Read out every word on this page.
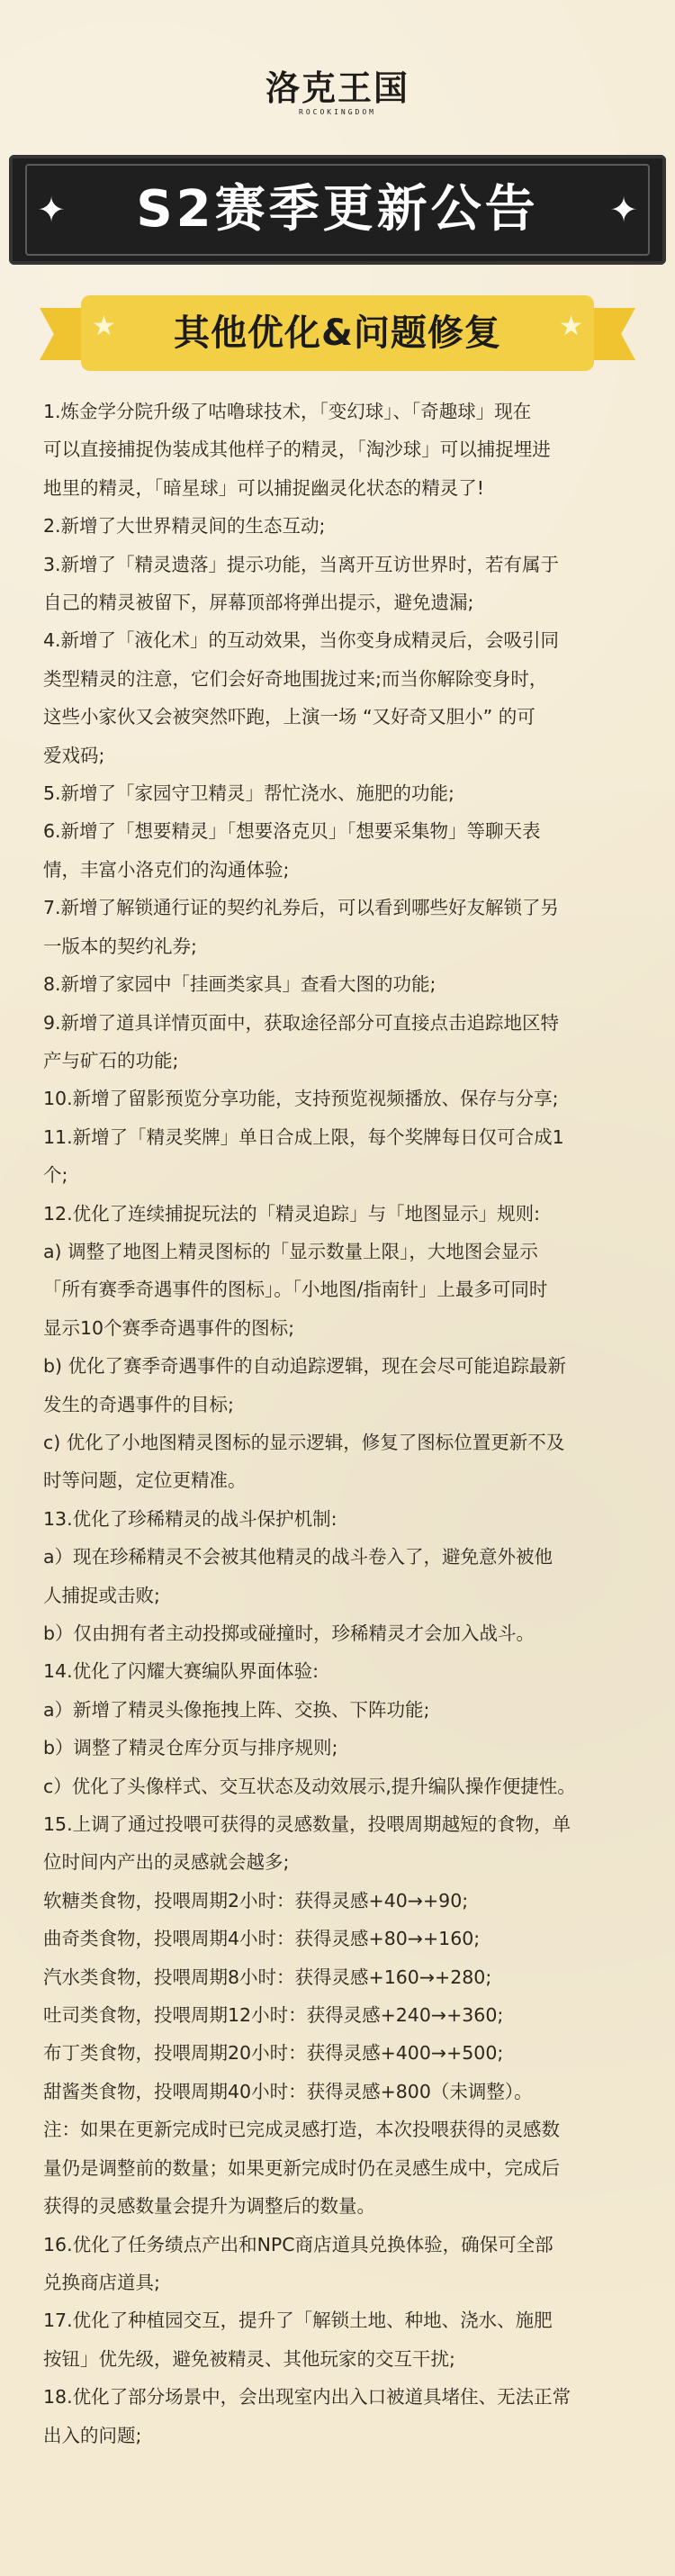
洛克王国
ROCOKINGDOM
✦	S2赛季更新公告	✦
★	其他优化&问题修复	★

1.炼金学分院升级了咕噜球技术，「变幻球」、「奇趣球」现在

可以直接捕捉伪装成其他样子的精灵，「淘沙球」可以捕捉埋进

地里的精灵，「暗星球」可以捕捉幽灵化状态的精灵了!

2.新增了大世界精灵间的生态互动;

3.新增了「精灵遗落」提示功能，当离开互访世界时，若有属于

自己的精灵被留下，屏幕顶部将弹出提示，避免遗漏;

4.新增了「液化术」的互动效果，当你变身成精灵后，会吸引同

类型精灵的注意，它们会好奇地围拢过来;而当你解除变身时，

这些小家伙又会被突然吓跑，上演一场 “又好奇又胆小” 的可

爱戏码;

5.新增了「家园守卫精灵」帮忙浇水、施肥的功能;

6.新增了「想要精灵」「想要洛克贝」「想要采集物」等聊天表

情，丰富小洛克们的沟通体验;

7.新增了解锁通行证的契约礼券后，可以看到哪些好友解锁了另

一版本的契约礼券;

8.新增了家园中「挂画类家具」查看大图的功能;

9.新增了道具详情页面中，获取途径部分可直接点击追踪地区特

产与矿石的功能;

10.新增了留影预览分享功能，支持预览视频播放、保存与分享;

11.新增了「精灵奖牌」单日合成上限，每个奖牌每日仅可合成1

个;

12.优化了连续捕捉玩法的「精灵追踪」与「地图显示」规则:

a) 调整了地图上精灵图标的「显示数量上限」，大地图会显示

「所有赛季奇遇事件的图标」。「小地图/指南针」上最多可同时

显示10个赛季奇遇事件的图标;

b) 优化了赛季奇遇事件的自动追踪逻辑，现在会尽可能追踪最新

发生的奇遇事件的目标;

c) 优化了小地图精灵图标的显示逻辑，修复了图标位置更新不及

时等问题，定位更精准。

13.优化了珍稀精灵的战斗保护机制:

a）现在珍稀精灵不会被其他精灵的战斗卷入了，避免意外被他

人捕捉或击败;

b）仅由拥有者主动投掷或碰撞时，珍稀精灵才会加入战斗。

14.优化了闪耀大赛编队界面体验:

a）新增了精灵头像拖拽上阵、交换、下阵功能;

b）调整了精灵仓库分页与排序规则;

c）优化了头像样式、交互状态及动效展示,提升编队操作便捷性。

15.上调了通过投喂可获得的灵感数量，投喂周期越短的食物，单

位时间内产出的灵感就会越多;

软糖类食物，投喂周期2小时：获得灵感+40→+90;

曲奇类食物，投喂周期4小时：获得灵感+80→+160;

汽水类食物，投喂周期8小时：获得灵感+160→+280;

吐司类食物，投喂周期12小时：获得灵感+240→+360;

布丁类食物，投喂周期20小时：获得灵感+400→+500;

甜酱类食物，投喂周期40小时：获得灵感+800（未调整）。

注：如果在更新完成时已完成灵感打造，本次投喂获得的灵感数

量仍是调整前的数量；如果更新完成时仍在灵感生成中，完成后

获得的灵感数量会提升为调整后的数量。

16.优化了任务绩点产出和NPC商店道具兑换体验，确保可全部

兑换商店道具;

17.优化了种植园交互，提升了「解锁土地、种地、浇水、施肥

按钮」优先级，避免被精灵、其他玩家的交互干扰;

18.优化了部分场景中，会出现室内出入口被道具堵住、无法正常

出入的问题;
